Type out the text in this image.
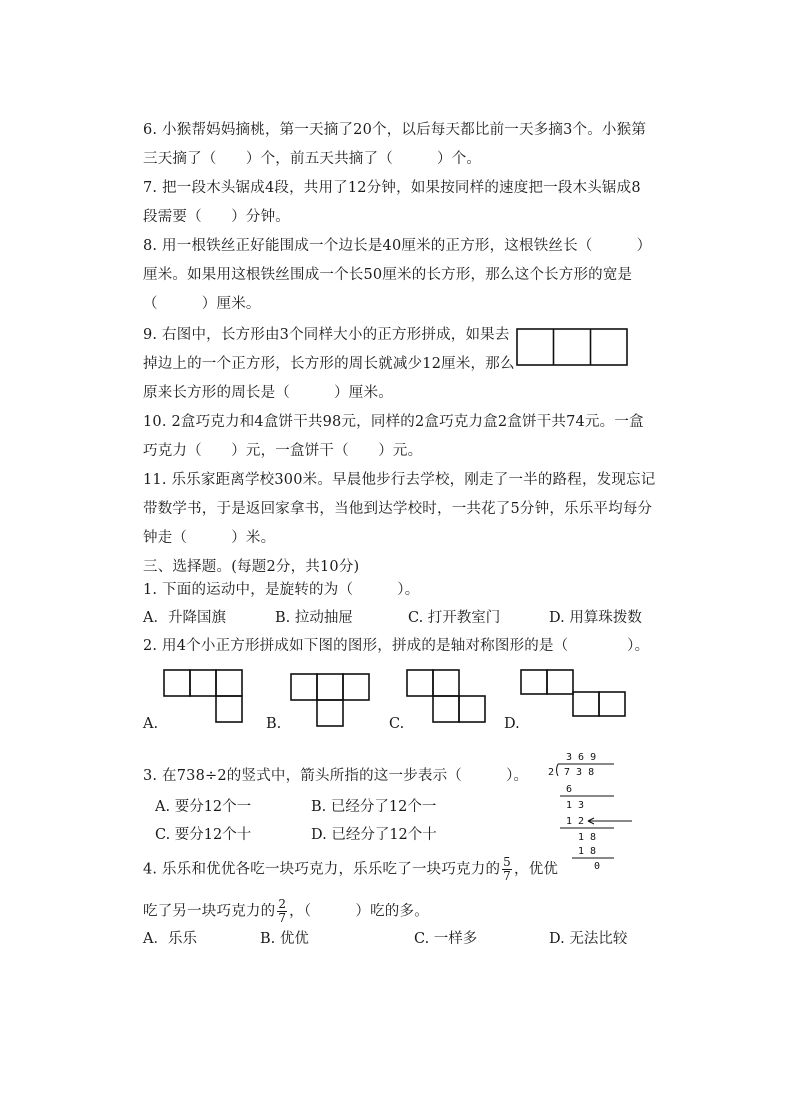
6. 小猴帮妈妈摘桃，第一天摘了20个，以后每天都比前一天多摘3个。小猴第
三天摘了（　　）个，前五天共摘了（　　　）个。
7. 把一段木头锯成4段，共用了12分钟，如果按同样的速度把一段木头锯成8
段需要（　　）分钟。
8. 用一根铁丝正好能围成一个边长是40厘米的正方形，这根铁丝长（　　　）
厘米。如果用这根铁丝围成一个长50厘米的长方形，那么这个长方形的宽是
（　　　）厘米。
9. 右图中，长方形由3个同样大小的正方形拼成，如果去
掉边上的一个正方形，长方形的周长就减少12厘米，那么
原来长方形的周长是（　　　）厘米。
10. 2盒巧克力和4盒饼干共98元，同样的2盒巧克力盒2盒饼干共74元。一盒
巧克力（　　）元，一盒饼干（　　）元。
11. 乐乐家距离学校300米。早晨他步行去学校，刚走了一半的路程，发现忘记
带数学书，于是返回家拿书，当他到达学校时，一共花了5分钟，乐乐平均每分
钟走（　　　）米。
三、选择题。(每题2分，共10分)
1. 下面的运动中，是旋转的为（　　　）。
A．升降国旗	B. 拉动抽屉	C. 打开教室门	D. 用算珠拨数
2. 用4个小正方形拼成如下图的图形，拼成的是轴对称图形的是（　　　　）。
A.	B.	C.	D.
3. 在738÷2的竖式中，箭头所指的这一步表示（　　　）。
A. 要分12个一	B. 已经分了12个一
C. 要分12个十	D. 已经分了12个十
3 6 9
2 7 3 8
6
1 3
1 2
1 8
1 8
0
4. 乐乐和优优各吃一块巧克力，乐乐吃了一块巧克力的 $\frac{5}{7}$ ，优优
吃了另一块巧克力的 $\frac{2}{7}$ ，（　　　）吃的多。
A．乐乐	B. 优优	C. 一样多	D. 无法比较
